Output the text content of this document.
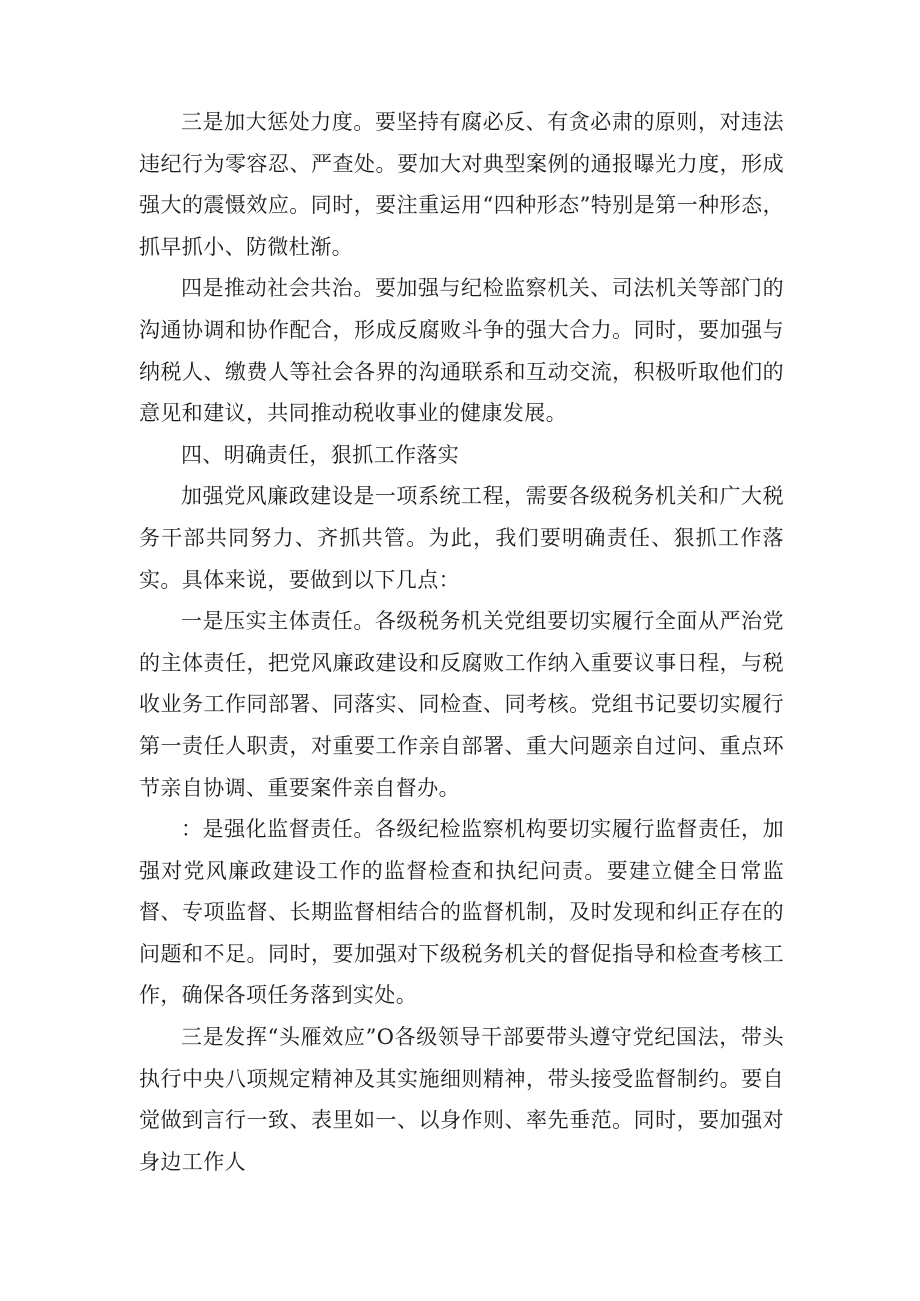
三是加大惩处力度。要坚持有腐必反、有贪必肃的原则，对违法违纪行为零容忍、严查处。要加大对典型案例的通报曝光力度，形成强大的震慑效应。同时，要注重运用“四种形态”特别是第一种形态，抓早抓小、防微杜渐。

四是推动社会共治。要加强与纪检监察机关、司法机关等部门的沟通协调和协作配合，形成反腐败斗争的强大合力。同时，要加强与纳税人、缴费人等社会各界的沟通联系和互动交流，积极听取他们的意见和建议，共同推动税收事业的健康发展。

四、明确责任，狠抓工作落实

加强党风廉政建设是一项系统工程，需要各级税务机关和广大税务干部共同努力、齐抓共管。为此，我们要明确责任、狠抓工作落实。具体来说，要做到以下几点：

一是压实主体责任。各级税务机关党组要切实履行全面从严治党的主体责任，把党风廉政建设和反腐败工作纳入重要议事日程，与税收业务工作同部署、同落实、同检查、同考核。党组书记要切实履行第一责任人职责，对重要工作亲自部署、重大问题亲自过问、重点环节亲自协调、重要案件亲自督办。

：是强化监督责任。各级纪检监察机构要切实履行监督责任，加强对党风廉政建设工作的监督检查和执纪问责。要建立健全日常监督、专项监督、长期监督相结合的监督机制，及时发现和纠正存在的问题和不足。同时，要加强对下级税务机关的督促指导和检查考核工作，确保各项任务落到实处。

三是发挥“头雁效应”O各级领导干部要带头遵守党纪国法，带头执行中央八项规定精神及其实施细则精神，带头接受监督制约。要自觉做到言行一致、表里如一、以身作则、率先垂范。同时，要加强对身边工作人
